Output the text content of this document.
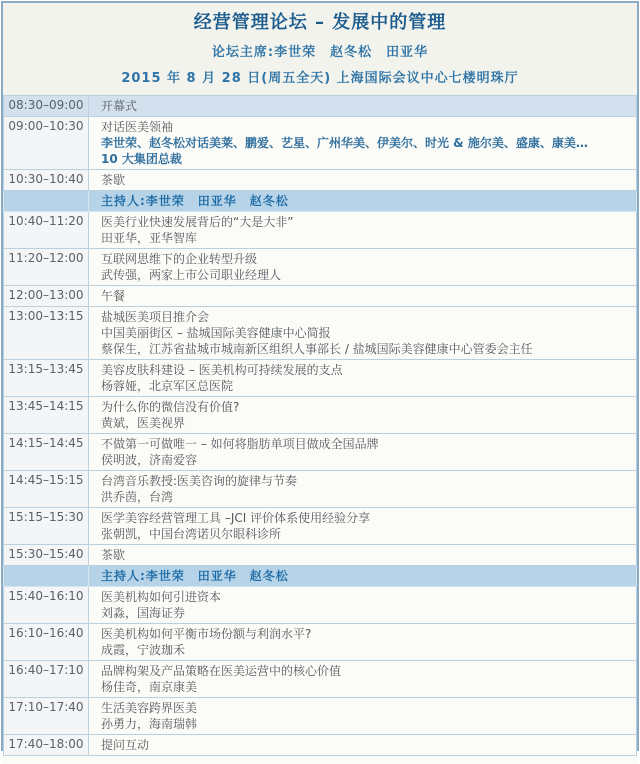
经营管理论坛 – 发展中的管理
论坛主席:李世荣　赵冬松　田亚华
2015 年 8 月 28 日(周五全天) 上海国际会议中心七楼明珠厅
08:30–09:00	开幕式

09:00–10:30	对话医美领袖
李世荣、赵冬松对话美莱、鹏爱、艺星、广州华美、伊美尔、时光 & 施尔美、盛康、康美…
10 大集团总裁

10:30–10:40	茶歇

	主持人:李世荣　田亚华　赵冬松

10:40–11:20	医美行业快速发展背后的“大是大非”
田亚华，亚华智库

11:20–12:00	互联网思维下的企业转型升级
武传强，两家上市公司职业经理人

12:00–13:00	午餐

13:00–13:15	盐城医美项目推介会
中国美丽街区 – 盐城国际美容健康中心简报
蔡保生，江苏省盐城市城南新区组织人事部长 / 盐城国际美容健康中心管委会主任

13:15–13:45	美容皮肤科建设 – 医美机构可持续发展的支点
杨蓉娅，北京军区总医院

13:45–14:15	为什么你的微信没有价值?
黄斌，医美视界

14:15–14:45	不做第一可做唯一 – 如何将脂肪单项目做成全国品牌
侯明波，济南爱容

14:45–15:15	台湾音乐教授:医美咨询的旋律与节奏
洪乔茵，台湾

15:15–15:30	医学美容经营管理工具 –JCI 评价体系使用经验分享
张朝凯，中国台湾诺贝尔眼科诊所

15:30–15:40	茶歇

	主持人:李世荣　田亚华　赵冬松

15:40–16:10	医美机构如何引进资本
刘淼，国海证券

16:10–16:40	医美机构如何平衡市场份额与利润水平?
成霞，宁波珈禾

16:40–17:10	品牌构架及产品策略在医美运营中的核心价值
杨佳奇，南京康美

17:10–17:40	生活美容跨界医美
孙勇力，海南瑞韩

17:40–18:00	提问互动
